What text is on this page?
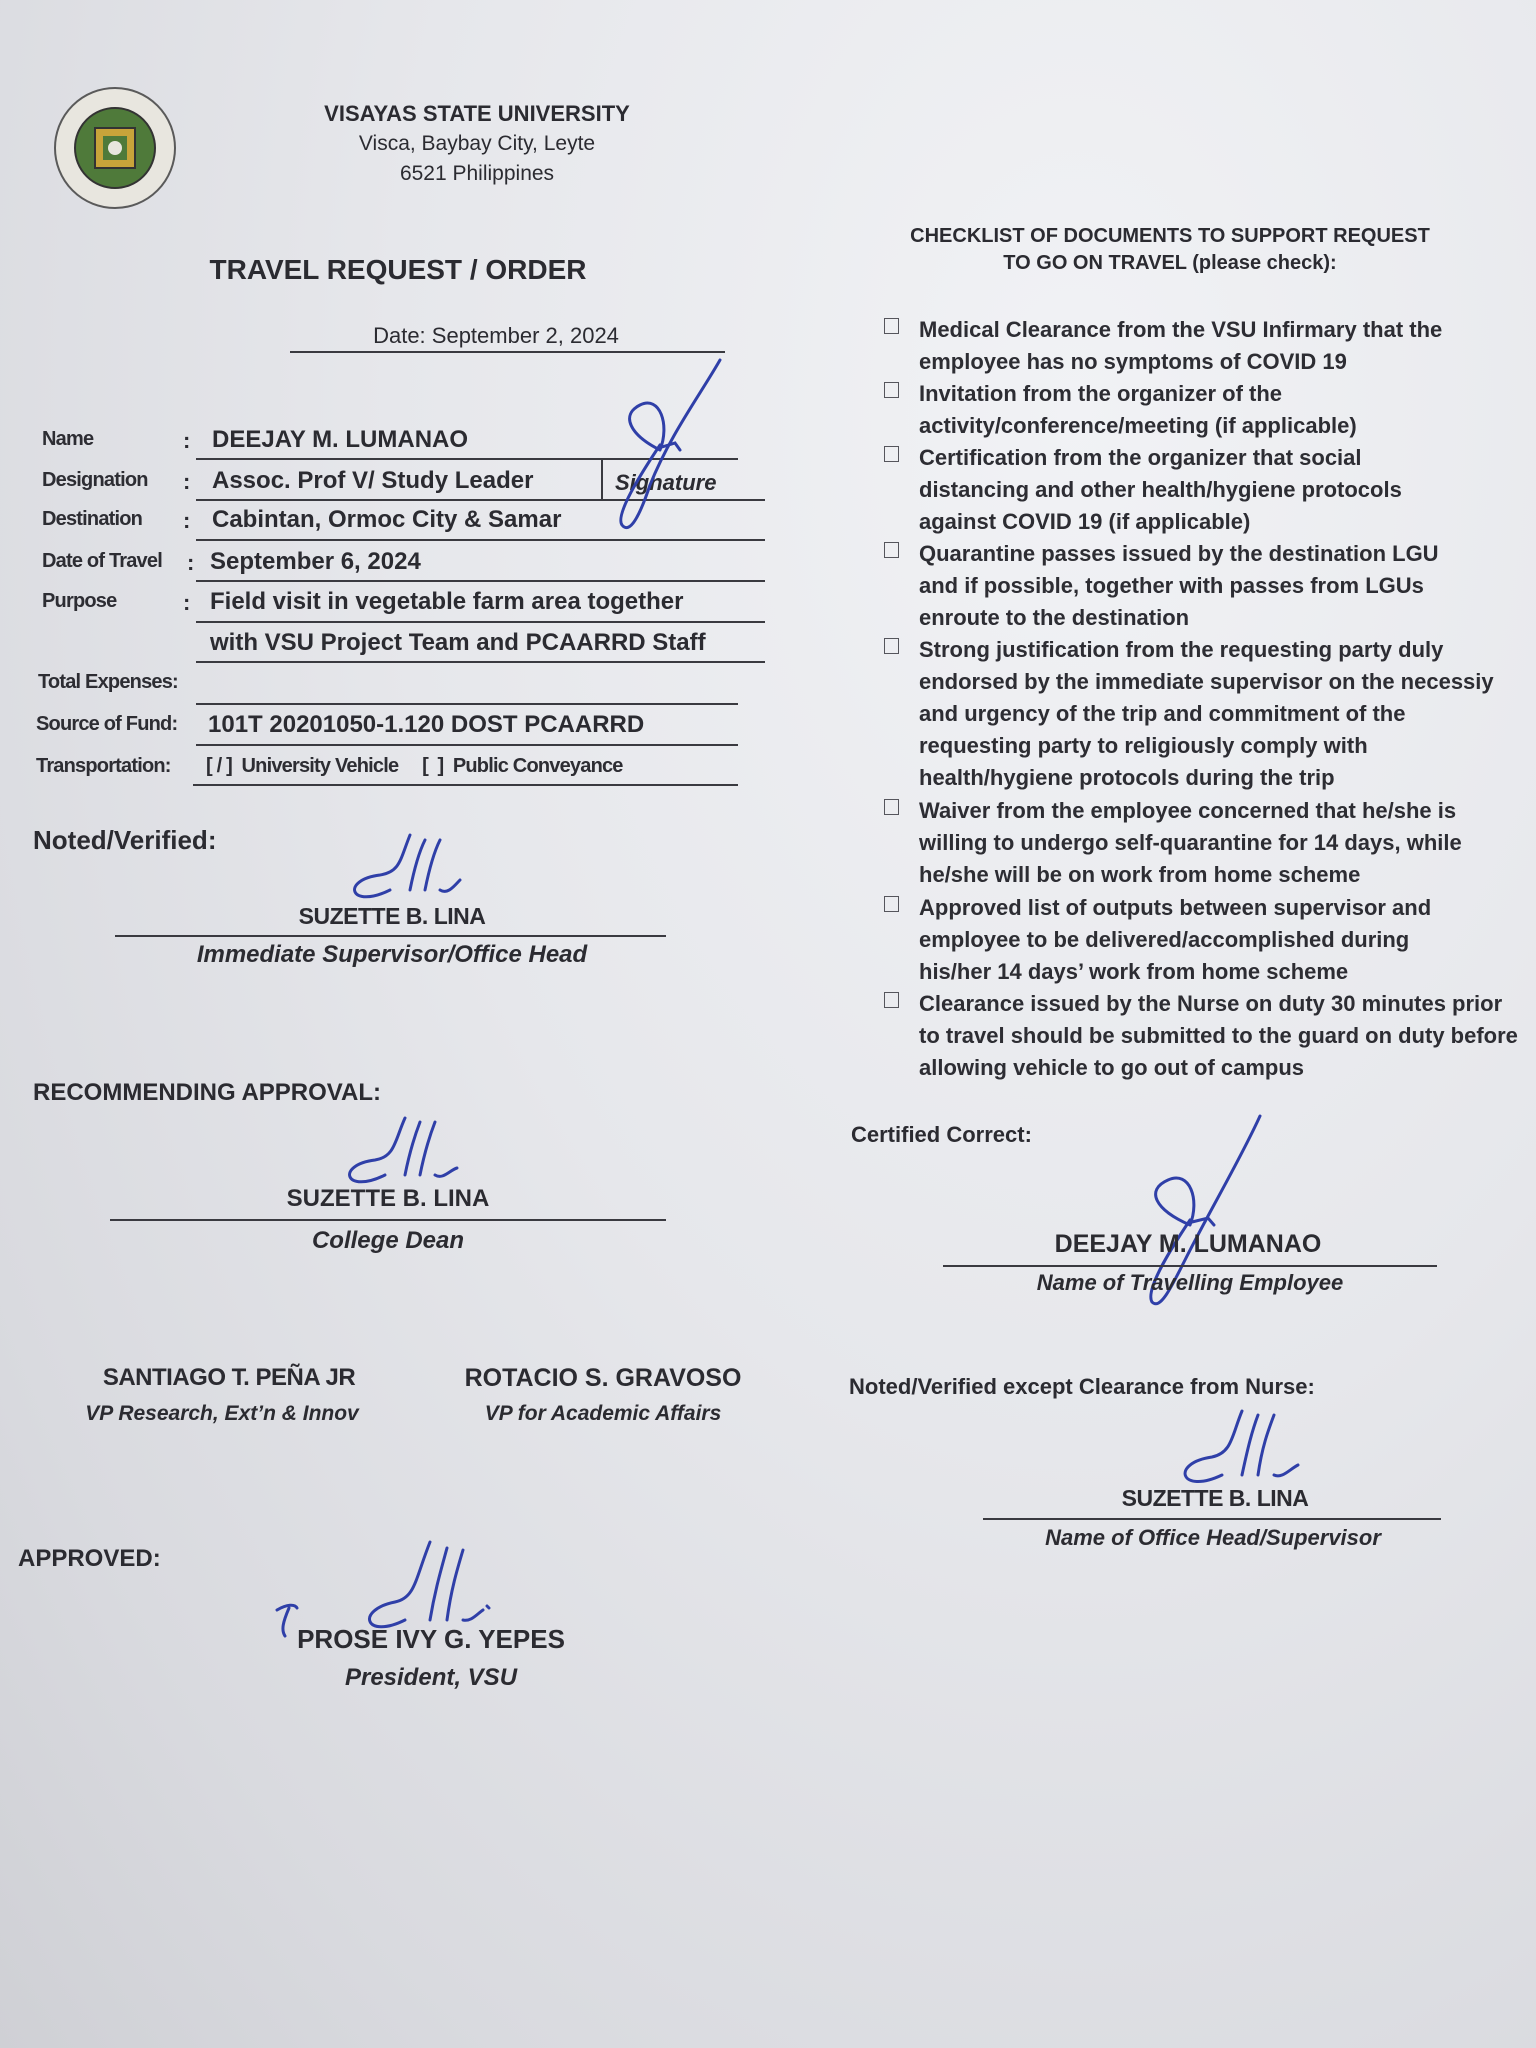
VISAYAS STATE UNIVERSITY
Visca, Baybay City, Leyte
6521 Philippines
TRAVEL REQUEST / ORDER
Date: September 2, 2024
Name	: DEEJAY M. LUMANAO
Designation : Assoc. Prof V/ Study Leader	Signature
Destination : Cabintan, Ormoc City & Samar
Date of Travel : September 6, 2024
Purpose	: Field visit in vegetable farm area together
with VSU Project Team and PCAARRD Staff
Total Expenses:
Source of Fund: 101T 20201050-1.120 DOST PCAARRD
Transportation: [ / ]  University Vehicle     [  ]  Public Conveyance
Noted/Verified:
SUZETTE B. LINA
Immediate Supervisor/Office Head
RECOMMENDING APPROVAL:
SUZETTE B. LINA
College Dean
SANTIAGO T. PEÑA JR
VP Research, Ext’n & Innov
ROTACIO S. GRAVOSO
VP for Academic Affairs
APPROVED:
PROSE IVY G. YEPES
President, VSU
CHECKLIST OF DOCUMENTS TO SUPPORT REQUEST
TO GO ON TRAVEL (please check):
Medical Clearance from the VSU Infirmary that the employee has no symptoms of COVID 19
Invitation from the organizer of the activity/conference/meeting (if applicable)
Certification from the organizer that social distancing and other health/hygiene protocols against COVID 19 (if applicable)
Quarantine passes issued by the destination LGU and if possible, together with passes from LGUs enroute to the destination
Strong justification from the requesting party duly endorsed by the immediate supervisor on the necessiy and urgency of the trip and commitment of the requesting party to religiously comply with health/hygiene protocols during the trip
Waiver from the employee concerned that he/she is willing to undergo self-quarantine for 14 days, while he/she will be on work from home scheme
Approved list of outputs between supervisor and employee to be delivered/accomplished during his/her 14 days’ work from home scheme
Clearance issued by the Nurse on duty 30 minutes prior to travel should be submitted to the guard on duty before allowing vehicle to go out of campus
Certified Correct:
DEEJAY M. LUMANAO
Name of Travelling Employee
Noted/Verified except Clearance from Nurse:
SUZETTE B. LINA
Name of Office Head/Supervisor
